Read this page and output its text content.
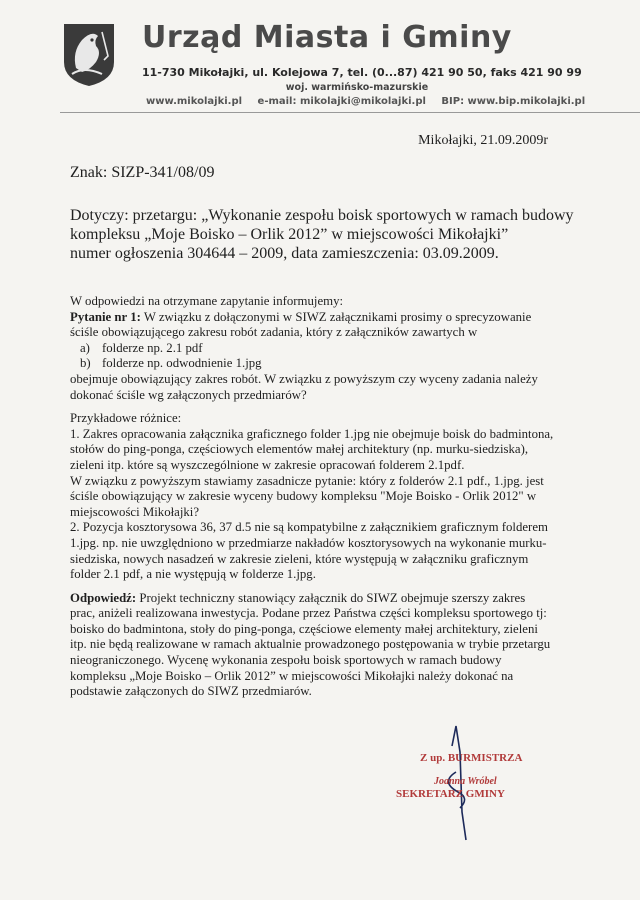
Urząd Miasta i Gminy
11-730 Mikołajki, ul. Kolejowa 7, tel. (0...87) 421 90 50, faks 421 90 99
woj. warmińsko-mazurskie
www.mikolajki.pl e-mail: mikolajki@mikolajki.pl BIP: www.bip.mikolajki.pl
Mikołajki, 21.09.2009r
Znak: SIZP-341/08/09
Dotyczy: przetargu: „Wykonanie zespołu boisk sportowych w ramach budowy
kompleksu „Moje Boisko – Orlik 2012” w miejscowości Mikołajki”
numer ogłoszenia 304644 – 2009, data zamieszczenia: 03.09.2009.
W odpowiedzi na otrzymane zapytanie informujemy:
Pytanie nr 1: W związku z dołączonymi w SIWZ załącznikami prosimy o sprecyzowanie
ściśle obowiązującego zakresu robót zadania, który z załączników zawartych w
a) folderze np. 2.1 pdf
b) folderze np. odwodnienie 1.jpg
obejmuje obowiązujący zakres robót. W związku z powyższym czy wyceny zadania należy
dokonać ściśle wg załączonych przedmiarów?
Przykładowe różnice:
1. Zakres opracowania załącznika graficznego folder 1.jpg nie obejmuje boisk do badmintona,
stołów do ping-ponga, częściowych elementów małej architektury (np. murku-siedziska),
zieleni itp. które są wyszczególnione w zakresie opracowań folderem 2.1pdf.
W związku z powyższym stawiamy zasadnicze pytanie: który z folderów 2.1 pdf., 1.jpg. jest
ściśle obowiązujący w zakresie wyceny budowy kompleksu "Moje Boisko - Orlik 2012" w
miejscowości Mikołajki?
2. Pozycja kosztorysowa 36, 37 d.5 nie są kompatybilne z załącznikiem graficznym folderem
1.jpg. np. nie uwzględniono w przedmiarze nakładów kosztorysowych na wykonanie murku-
siedziska, nowych nasadzeń w zakresie zieleni, które występują w załączniku graficznym
folder 2.1 pdf, a nie występują w folderze 1.jpg.
Odpowiedź: Projekt techniczny stanowiący załącznik do SIWZ obejmuje szerszy zakres
prac, aniżeli realizowana inwestycja. Podane przez Państwa części kompleksu sportowego tj:
boisko do badmintona, stoły do ping-ponga, częściowe elementy małej architektury, zieleni
itp. nie będą realizowane w ramach aktualnie prowadzonego postępowania w trybie przetargu
nieograniczonego. Wycenę wykonania zespołu boisk sportowych w ramach budowy
kompleksu „Moje Boisko – Orlik 2012” w miejscowości Mikołajki należy dokonać na
podstawie załączonych do SIWZ przedmiarów.
Z up. BURMISTRZA
Joanna Wróbel
SEKRETARZ GMINY
